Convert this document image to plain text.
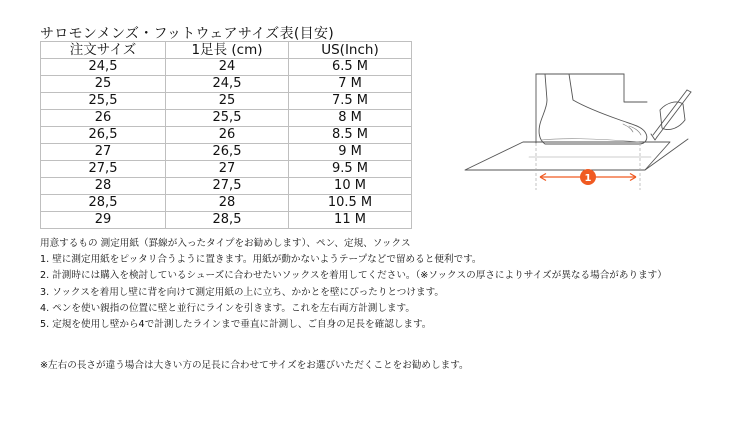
サロモンメンズ・フットウェアサイズ表(目安)
注文サイズ	1足長 (cm)	US(Inch)
24,5	24	6.5 M
25	24,5	7 M
25,5	25	7.5 M
26	25,5	8 M
26,5	26	8.5 M
27	26,5	9 M
27,5	27	9.5 M
28	27,5	10 M
28,5	28	10.5 M
29	28,5	11 M
1
用意するもの 測定用紙（罫線が入ったタイプをお勧めします）、ペン、定規、ソックス
1. 壁に測定用紙をピッタリ合うように置きます。用紙が動かないようテープなどで留めると便利です。
2. 計測時には購入を検討しているシューズに合わせたいソックスを着用してください。（※ソックスの厚さによりサイズが異なる場合があります）
3. ソックスを着用し壁に背を向けて測定用紙の上に立ち、かかとを壁にぴったりとつけます。
4. ペンを使い親指の位置に壁と並行にラインを引きます。これを左右両方計測します。
5. 定規を使用し壁から4で計測したラインまで垂直に計測し、ご自身の足長を確認します。
※左右の長さが違う場合は大きい方の足長に合わせてサイズをお選びいただくことをお勧めします。
